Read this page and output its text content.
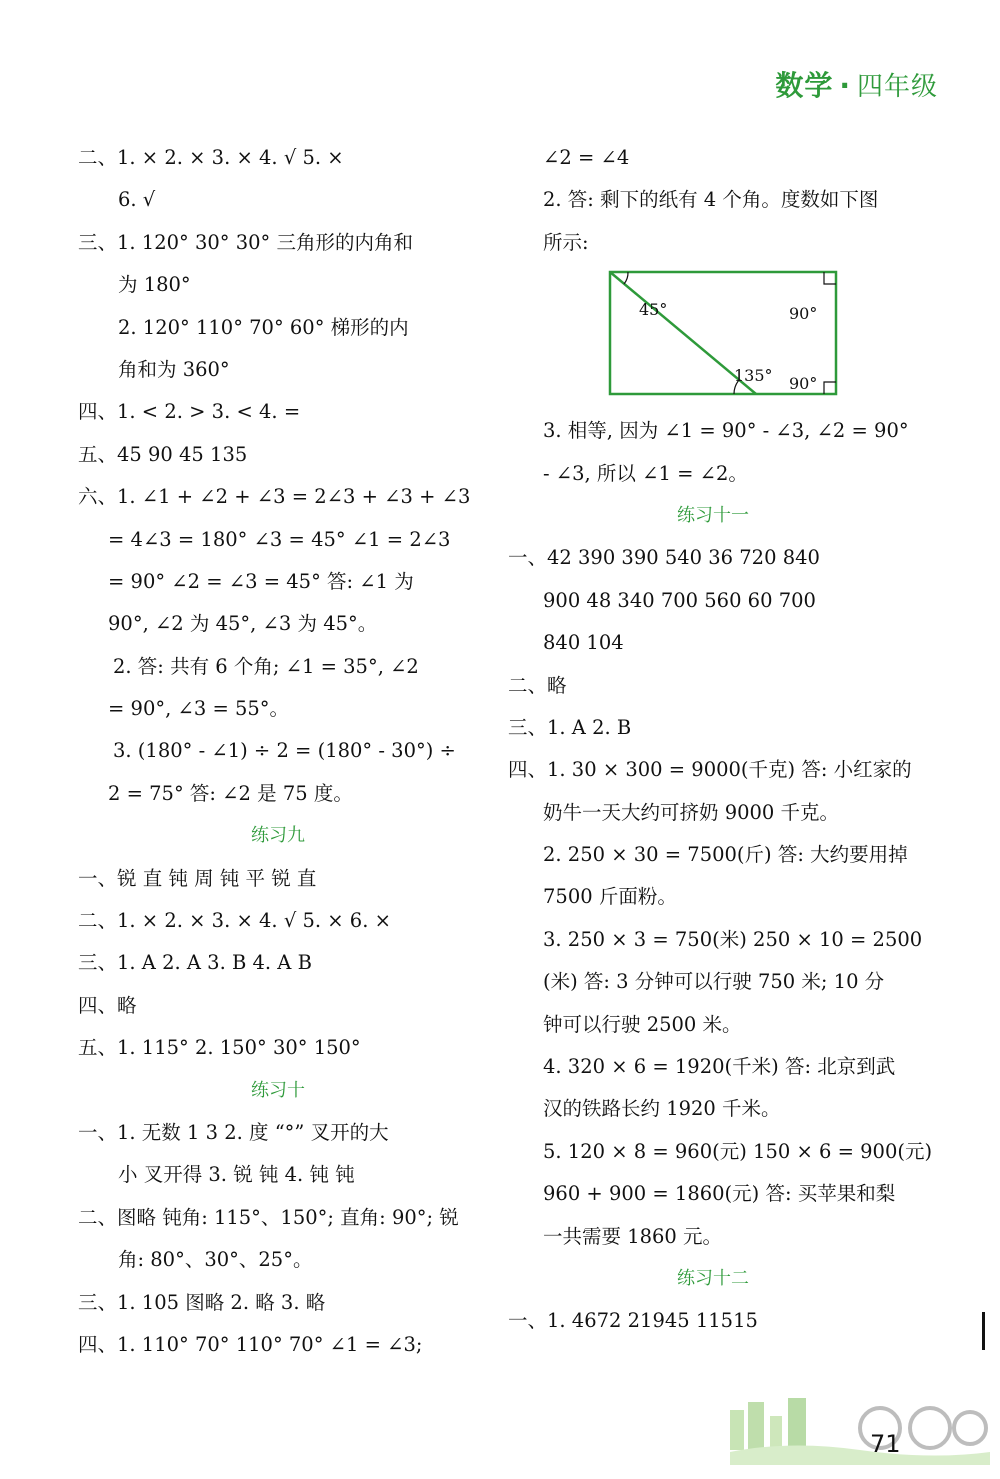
数学 · 四年级
二、1. × 2. × 3. × 4. √ 5. ×
6. √
三、1. 120° 30° 30° 三角形的内角和
为 180°
2. 120° 110° 70° 60° 梯形的内
角和为 360°
四、1. < 2. > 3. < 4. =
五、45 90 45 135
六、1. ∠1 + ∠2 + ∠3 = 2∠3 + ∠3 + ∠3
= 4∠3 = 180° ∠3 = 45° ∠1 = 2∠3
= 90° ∠2 = ∠3 = 45° 答: ∠1 为
90°, ∠2 为 45°, ∠3 为 45°。
2. 答: 共有 6 个角; ∠1 = 35°, ∠2
= 90°, ∠3 = 55°。
3. (180° - ∠1) ÷ 2 = (180° - 30°) ÷
2 = 75° 答: ∠2 是 75 度。
练习九
一、锐 直 钝 周 钝 平 锐 直
二、1. × 2. × 3. × 4. √ 5. × 6. ×
三、1. A 2. A 3. B 4. A B
四、略
五、1. 115° 2. 150° 30° 150°
练习十
一、1. 无数 1 3 2. 度 “°” 叉开的大
小 叉开得 3. 锐 钝 4. 钝 钝
二、图略 钝角: 115°、150°; 直角: 90°; 锐
角: 80°、30°、25°。
三、1. 105 图略 2. 略 3. 略
四、1. 110° 70° 110° 70° ∠1 = ∠3;
∠2 = ∠4
2. 答: 剩下的纸有 4 个角。度数如下图
所示:
45°	90°
135° 90°
3. 相等, 因为 ∠1 = 90° - ∠3, ∠2 = 90°
- ∠3, 所以 ∠1 = ∠2。
练习十一
一、42 390 390 540 36 720 840
900 48 340 700 560 60 700
840 104
二、略
三、1. A 2. B
四、1. 30 × 300 = 9000(千克) 答: 小红家的
奶牛一天大约可挤奶 9000 千克。
2. 250 × 30 = 7500(斤) 答: 大约要用掉
7500 斤面粉。
3. 250 × 3 = 750(米) 250 × 10 = 2500
(米) 答: 3 分钟可以行驶 750 米; 10 分
钟可以行驶 2500 米。
4. 320 × 6 = 1920(千米) 答: 北京到武
汉的铁路长约 1920 千米。
5. 120 × 8 = 960(元) 150 × 6 = 900(元)
960 + 900 = 1860(元) 答: 买苹果和梨
一共需要 1860 元。
练习十二
一、1. 4672 21945 11515
71
